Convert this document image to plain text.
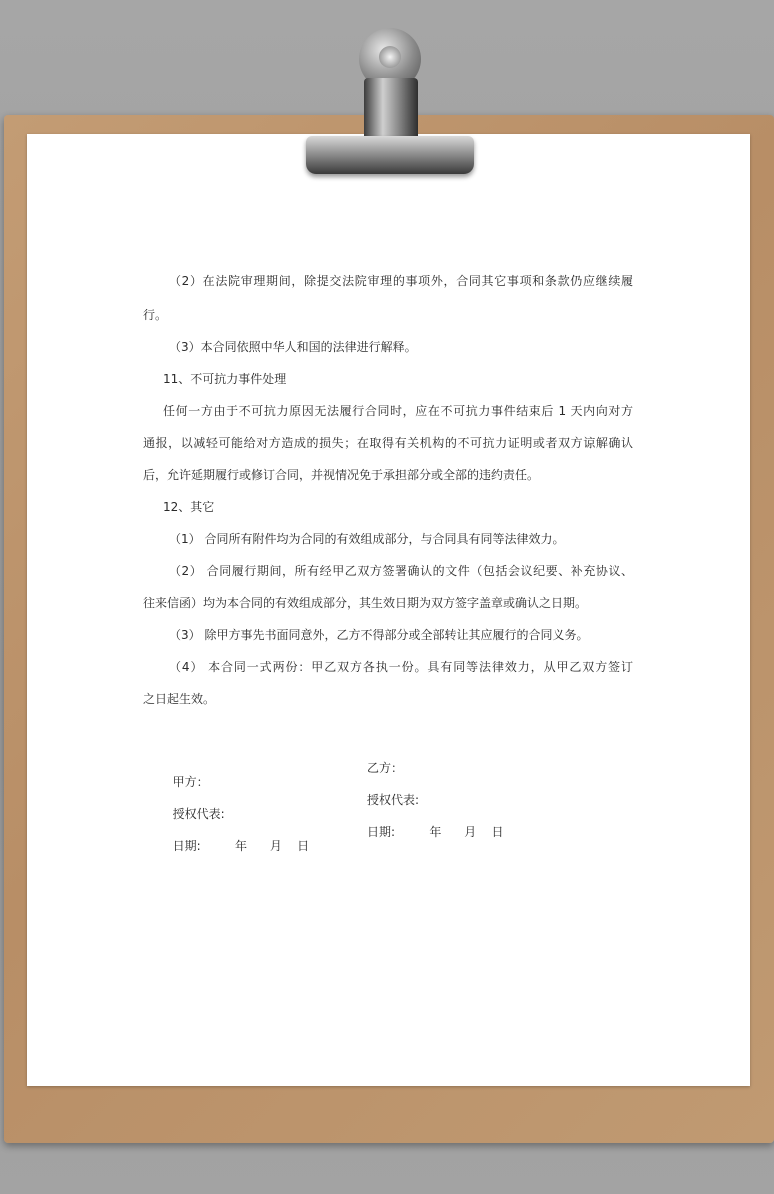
（2）在法院审理期间，除提交法院审理的事项外，合同其它事项和条款仍应继续履

行。

（3）本合同依照中华人和国的法律进行解释。

11、不可抗力事件处理

任何一方由于不可抗力原因无法履行合同时，应在不可抗力事件结束后 1 天内向对方

通报，以减轻可能给对方造成的损失；在取得有关机构的不可抗力证明或者双方谅解确认

后，允许延期履行或修订合同，并视情况免于承担部分或全部的违约责任。

12、其它

（1） 合同所有附件均为合同的有效组成部分，与合同具有同等法律效力。

（2） 合同履行期间，所有经甲乙双方签署确认的文件（包括会议纪要、补充协议、

往来信函）均为本合同的有效组成部分，其生效日期为双方签字盖章或确认之日期。

（3） 除甲方事先书面同意外，乙方不得部分或全部转让其应履行的合同义务。

（4） 本合同一式两份：甲乙双方各执一份。具有同等法律效力，从甲乙双方签订

之日起生效。

甲方：

乙方：

授权代表:

授权代表:

日期:         年      月    日

日期:         年      月    日
